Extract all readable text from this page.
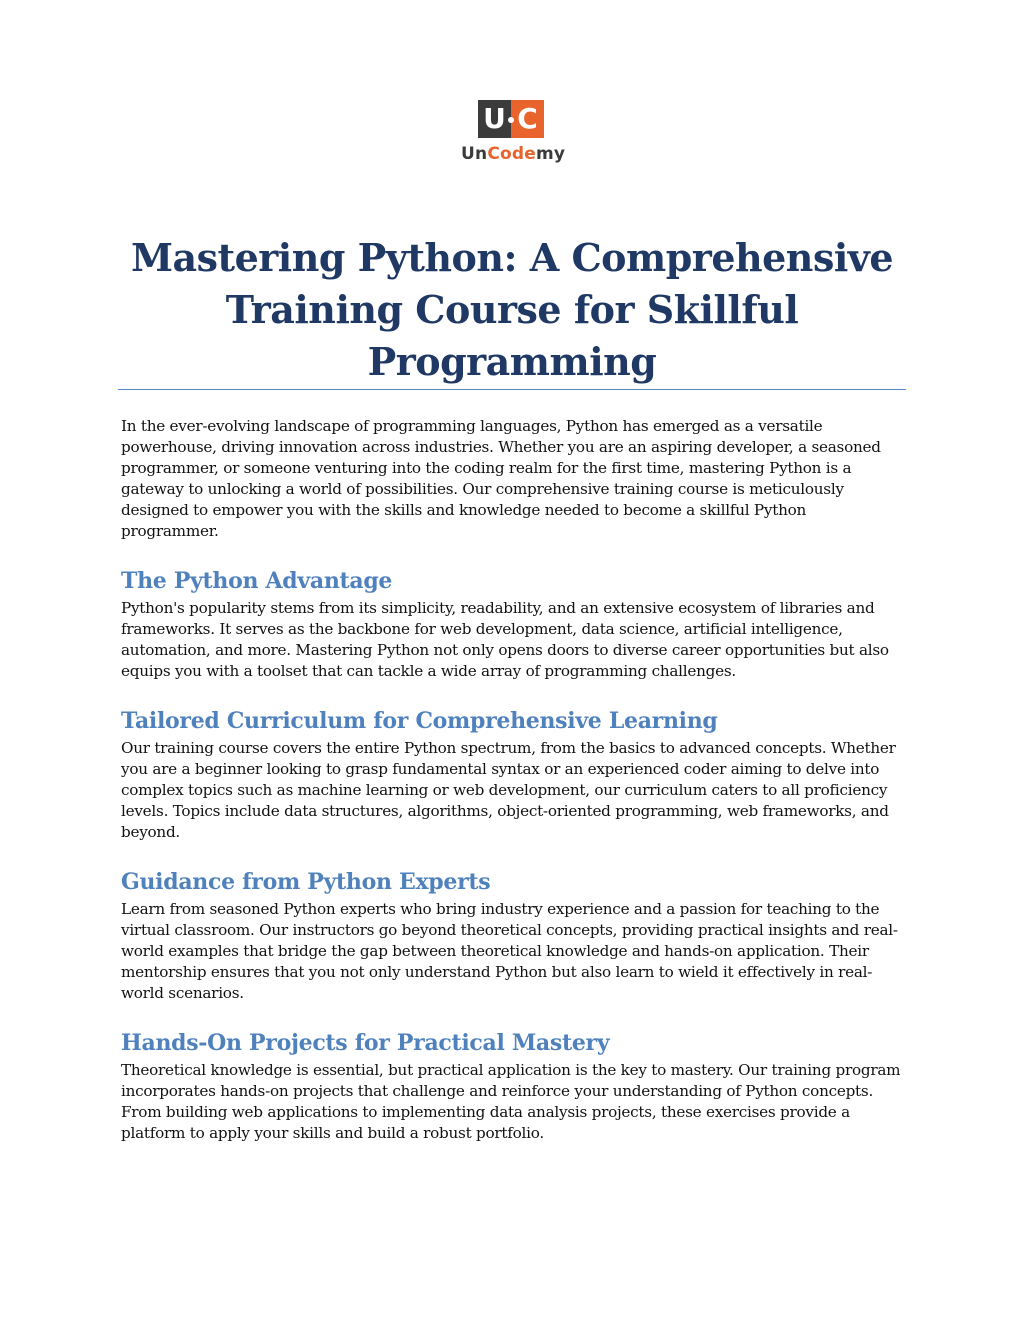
U C
UnCodemy
Mastering Python: A Comprehensive Training Course for Skillful Programming

In the ever-evolving landscape of programming languages, Python has emerged as a versatile powerhouse, driving innovation across industries. Whether you are an aspiring developer, a seasoned programmer, or someone venturing into the coding realm for the first time, mastering Python is a gateway to unlocking a world of possibilities. Our comprehensive training course is meticulously designed to empower you with the skills and knowledge needed to become a skillful Python programmer.

The Python Advantage

Python's popularity stems from its simplicity, readability, and an extensive ecosystem of libraries and frameworks. It serves as the backbone for web development, data science, artificial intelligence, automation, and more. Mastering Python not only opens doors to diverse career opportunities but also equips you with a toolset that can tackle a wide array of programming challenges.

Tailored Curriculum for Comprehensive Learning

Our training course covers the entire Python spectrum, from the basics to advanced concepts. Whether you are a beginner looking to grasp fundamental syntax or an experienced coder aiming to delve into complex topics such as machine learning or web development, our curriculum caters to all proficiency levels. Topics include data structures, algorithms, object-oriented programming, web frameworks, and beyond.

Guidance from Python Experts

Learn from seasoned Python experts who bring industry experience and a passion for teaching to the virtual classroom. Our instructors go beyond theoretical concepts, providing practical insights and real-world examples that bridge the gap between theoretical knowledge and hands-on application. Their mentorship ensures that you not only understand Python but also learn to wield it effectively in real-world scenarios.

Hands-On Projects for Practical Mastery

Theoretical knowledge is essential, but practical application is the key to mastery. Our training program incorporates hands-on projects that challenge and reinforce your understanding of Python concepts. From building web applications to implementing data analysis projects, these exercises provide a platform to apply your skills and build a robust portfolio.
